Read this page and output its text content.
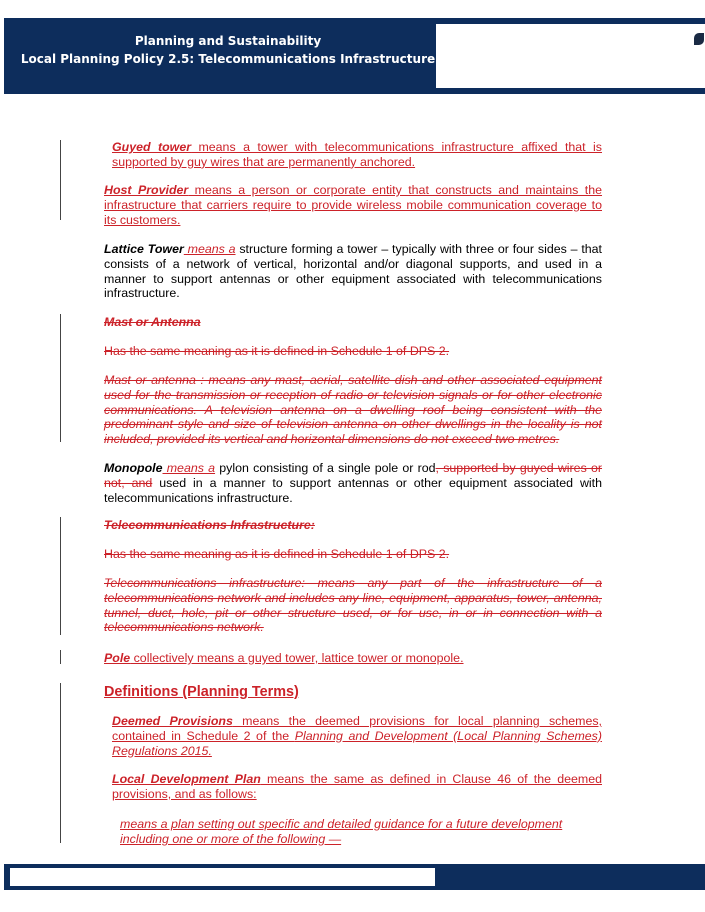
Planning and Sustainability
Local Planning Policy 2.5: Telecommunications Infrastructure
Guyed tower means a tower with telecommunications infrastructure affixed that is supported by guy wires that are permanently anchored.
Host Provider means a person or corporate entity that constructs and maintains the infrastructure that carriers require to provide wireless mobile communication coverage to its customers.
Lattice Tower means a structure forming a tower – typically with three or four sides – that consists of a network of vertical, horizontal and/or diagonal supports, and used in a manner to support antennas or other equipment associated with telecommunications infrastructure.
Mast or Antenna
Has the same meaning as it is defined in Schedule 1 of DPS 2.
Mast or antenna : means any mast, aerial, satellite dish and other associated equipment used for the transmission or reception of radio or television signals or for other electronic communications. A television antenna on a dwelling roof being consistent with the predominant style and size of television antenna on other dwellings in the locality is not included, provided its vertical and horizontal dimensions do not exceed two metres.
Monopole means a pylon consisting of a single pole or rod, supported by guyed wires or not, and used in a manner to support antennas or other equipment associated with telecommunications infrastructure.
Telecommunications Infrastructure:
Has the same meaning as it is defined in Schedule 1 of DPS 2.
Telecommunications infrastructure: means any part of the infrastructure of a telecommunications network and includes any line, equipment, apparatus, tower, antenna, tunnel, duct, hole, pit or other structure used, or for use, in or in connection with a telecommunications network.
Pole collectively means a guyed tower, lattice tower or monopole.
Definitions (Planning Terms)
Deemed Provisions means the deemed provisions for local planning schemes, contained in Schedule 2 of the Planning and Development (Local Planning Schemes) Regulations 2015.
Local Development Plan means the same as defined in Clause 46 of the deemed provisions, and as follows:
means a plan setting out specific and detailed guidance for a future development including one or more of the following —
